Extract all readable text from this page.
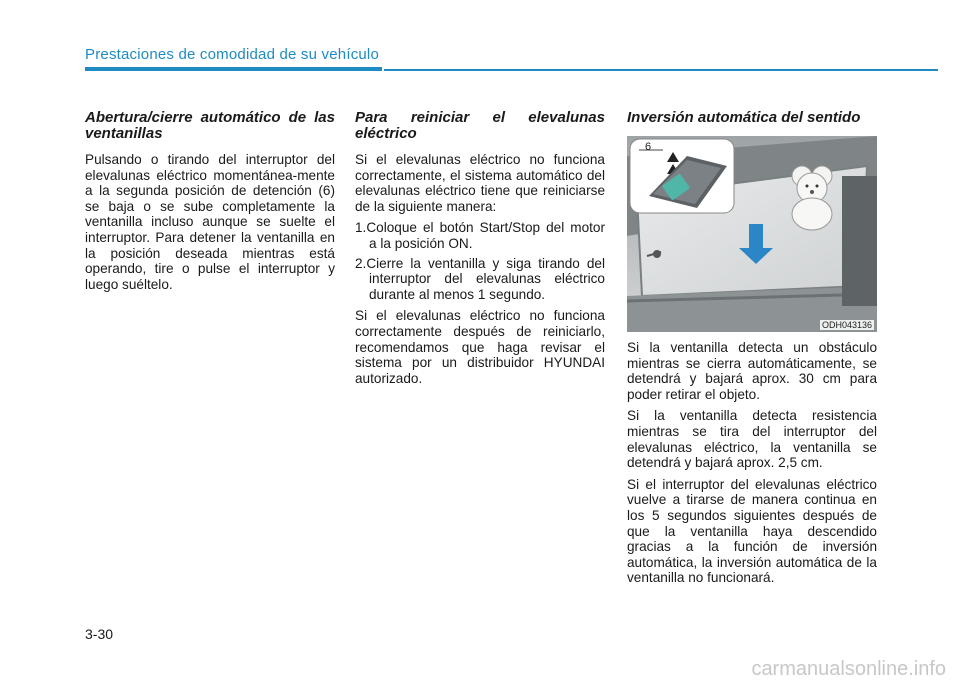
Prestaciones de comodidad de su vehículo
Abertura/cierre automático de las ventanillas

Pulsando o tirando del interruptor del elevalunas eléctrico momentánea-mente a la segunda posición de detención (6) se baja o se sube completamente la ventanilla incluso aunque se suelte el interruptor. Para detener la ventanilla en la posición deseada mientras está operando, tire o pulse el interruptor y luego suéltelo.

Para reiniciar el elevalunas eléctrico

Si el elevalunas eléctrico no funciona correctamente, el sistema automático del elevalunas eléctrico tiene que reiniciarse de la siguiente manera:

1.Coloque el botón Start/Stop del motor a la posición ON.
2.Cierre la ventanilla y siga tirando del interruptor del elevalunas eléctrico durante al menos 1 segundo.

Si el elevalunas eléctrico no funciona correctamente después de reiniciarlo, recomendamos que haga revisar el sistema por un distribuidor HYUNDAI autorizado.

Inversión automática del sentido
6
ODH043136

Si la ventanilla detecta un obstáculo mientras se cierra automáticamente, se detendrá y bajará aprox. 30 cm para poder retirar el objeto.

Si la ventanilla detecta resistencia mientras se tira del interruptor del elevalunas eléctrico, la ventanilla se detendrá y bajará aprox. 2,5 cm.

Si el interruptor del elevalunas eléctrico vuelve a tirarse de manera continua en los 5 segundos siguientes después de que la ventanilla haya descendido gracias a la función de inversión automática, la inversión automática de la ventanilla no funcionará.

3-30
carmanualsonline.info
